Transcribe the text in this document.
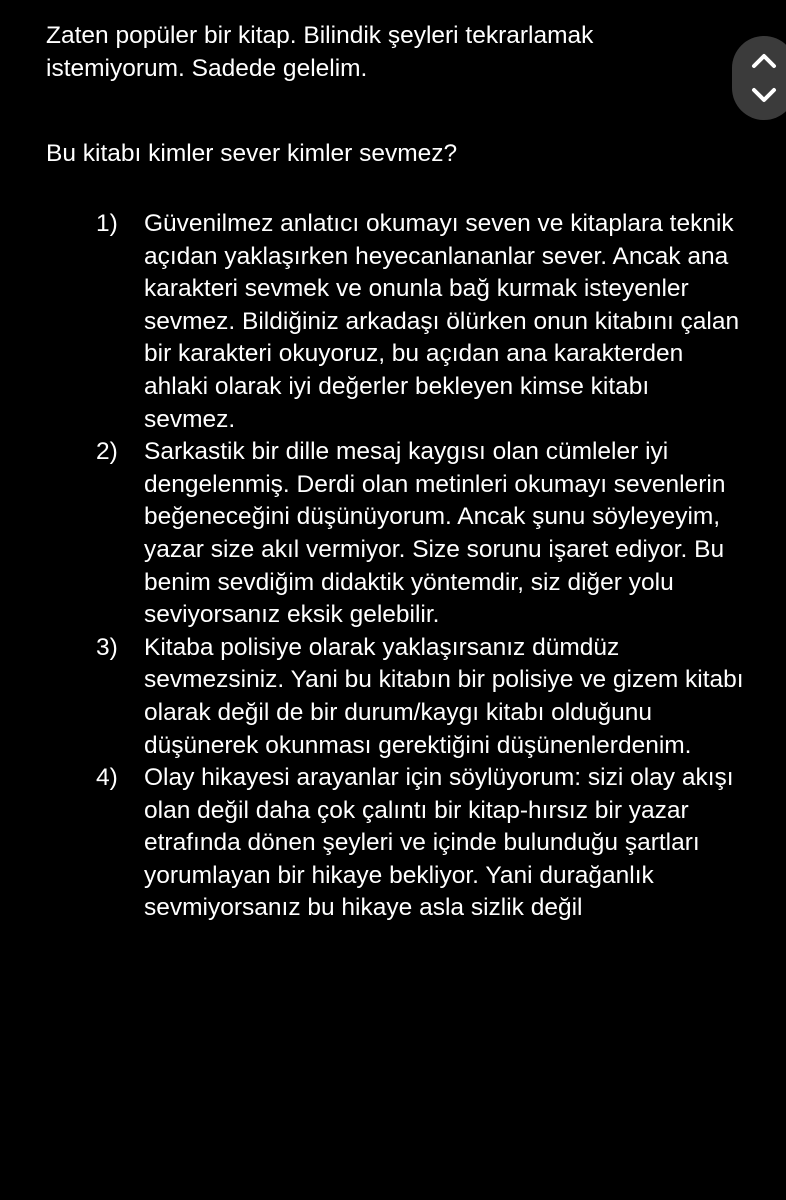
Zaten popüler bir kitap. Bilindik şeyleri tekrarlamak istemiyorum. Sadede gelelim.

Bu kitabı kimler sever kimler sevmez?

1)	Güvenilmez anlatıcı okumayı seven ve kitaplara teknik açıdan yaklaşırken heyecanlananlar sever. Ancak ana karakteri sevmek ve onunla bağ kurmak isteyenler sevmez. Bildiğiniz arkadaşı ölürken onun kitabını çalan bir karakteri okuyoruz, bu açıdan ana karakterden ahlaki olarak iyi değerler bekleyen kimse kitabı sevmez.
2)	Sarkastik bir dille mesaj kaygısı olan cümleler iyi dengelenmiş. Derdi olan metinleri okumayı sevenlerin beğeneceğini düşünüyorum. Ancak şunu söyleyeyim, yazar size akıl vermiyor. Size sorunu işaret ediyor. Bu benim sevdiğim didaktik yöntemdir, siz diğer yolu seviyorsanız eksik gelebilir.
3)	Kitaba polisiye olarak yaklaşırsanız dümdüz sevmezsiniz. Yani bu kitabın bir polisiye ve gizem kitabı olarak değil de bir durum/kaygı kitabı olduğunu düşünerek okunması gerektiğini düşünenlerdenim.
4)	Olay hikayesi arayanlar için söylüyorum: sizi olay akışı olan değil daha çok çalıntı bir kitap-hırsız bir yazar etrafında dönen şeyleri ve içinde bulunduğu şartları yorumlayan bir hikaye bekliyor. Yani durağanlık sevmiyorsanız bu hikaye asla sizlik değil
